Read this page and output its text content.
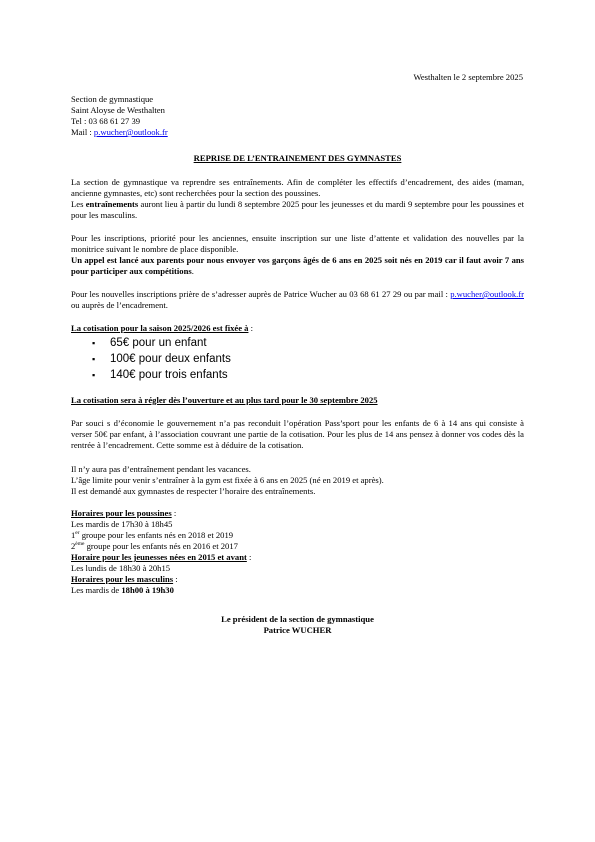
Westhalten le 2 septembre 2025
Section de gymnastique
Saint Aloyse de Westhalten
Tel : 03 68 61 27 39
Mail : p.wucher@outlook.fr
REPRISE DE L’ENTRAINEMENT DES GYMNASTES
La section de gymnastique va reprendre ses entraînements. Afin de compléter les effectifs d’encadrement, des aides (maman, ancienne gymnastes, etc) sont recherchées pour la section des poussines.
Les entraînements auront lieu à partir du lundi 8 septembre 2025 pour les jeunesses et du mardi 9 septembre pour les poussines et pour les masculins.
Pour les inscriptions, priorité pour les anciennes, ensuite inscription sur une liste d’attente et validation des nouvelles par la monitrice suivant le nombre de place disponible.
Un appel est lancé aux parents pour nous envoyer vos garçons âgés de 6 ans en 2025 soit nés en 2019 car il faut avoir 7 ans pour participer aux compétitions.
Pour les nouvelles inscriptions prière de s’adresser auprès de Patrice Wucher au 03 68 61 27 29 ou par mail : p.wucher@outlook.fr ou auprès de l’encadrement.
La cotisation pour la saison 2025/2026 est fixée à :
▪ 65€ pour un enfant
▪ 100€ pour deux enfants
▪ 140€ pour trois enfants
La cotisation sera à régler dès l’ouverture et au plus tard pour le 30 septembre 2025
Par souci s d’économie le gouvernement n’a pas reconduit l’opération Pass’sport pour les enfants de 6 à 14 ans qui consiste à verser 50€ par enfant, à l’association couvrant une partie de la cotisation. Pour les plus de 14 ans pensez à donner vos codes dès la rentrée à l’encadrement. Cette somme est à déduire de la cotisation.
Il n’y aura pas d’entraînement pendant les vacances.
L’âge limite pour venir s’entraîner à la gym est fixée à 6 ans en 2025 (né en 2019 et après).
Il est demandé aux gymnastes de respecter l’horaire des entraînements.
Horaires pour les poussines :
Les mardis de 17h30 à 18h45
1er groupe pour les enfants nés en 2018 et 2019
2ème groupe pour les enfants nés en 2016 et 2017
Horaire pour les jeunesses nées en 2015 et avant :
Les lundis de 18h30 à 20h15
Horaires pour les masculins :
Les mardis de 18h00 à 19h30
Le président de la section de gymnastique
Patrice WUCHER
